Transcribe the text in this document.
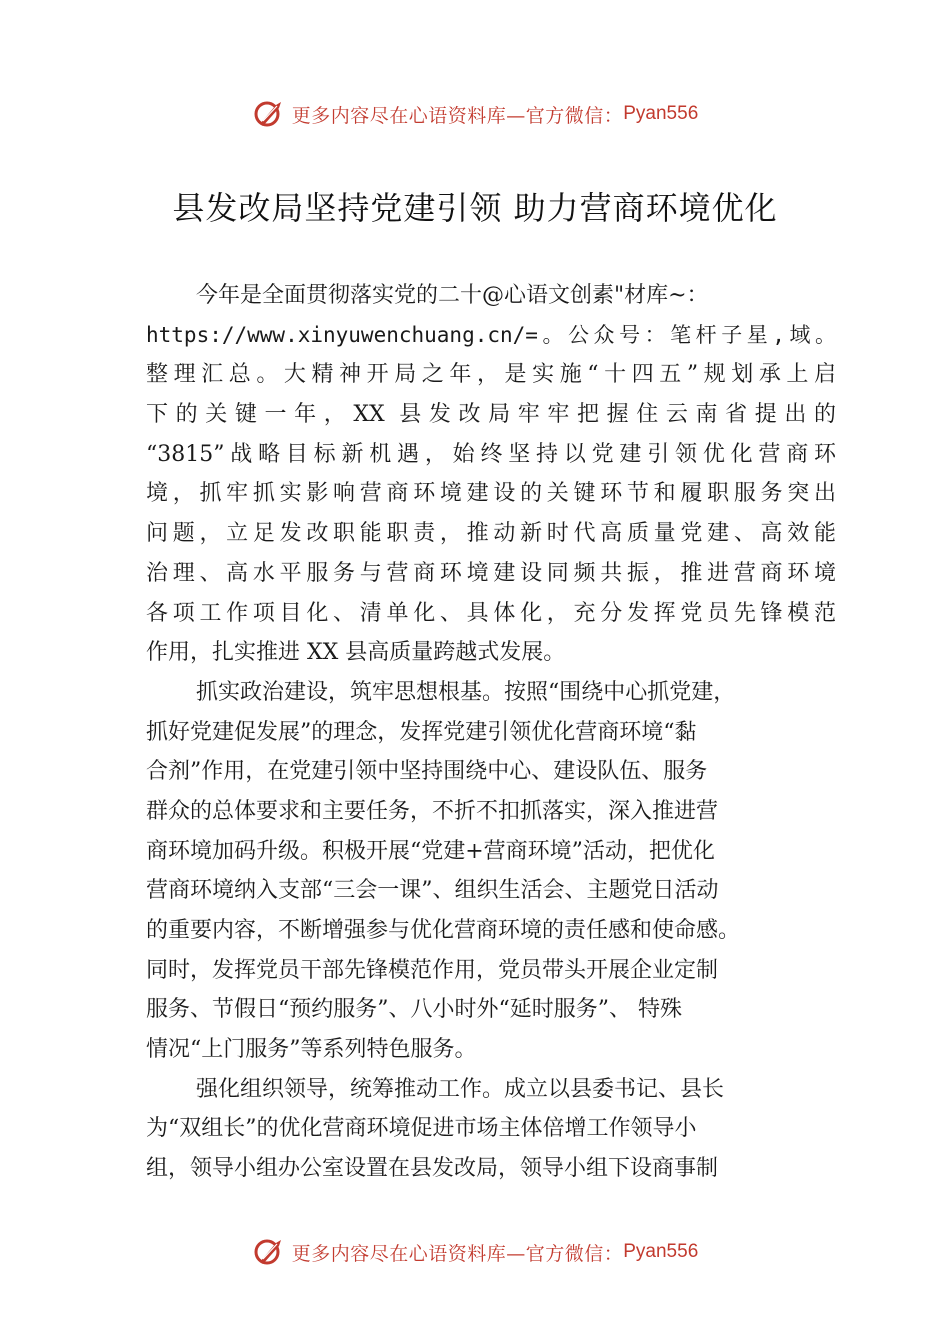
更多内容尽在心语资料库— 官方微信： Pyan556
县发改局坚持党建引领 助力营商环境优化
今年是全面贯彻落实党的二十@心语文创素"材库~：
https://www.xinyuwenchuang.cn/=。公众号：笔杆子星,域。
整理汇总。大精神开局之年，是实施“十四五”规划承上启
下的关键一年，XX 县发改局牢牢把握住云南省提出的
“3815”战略目标新机遇，始终坚持以党建引领优化营商环
境，抓牢抓实影响营商环境建设的关键环节和履职服务突出
问题，立足发改职能职责，推动新时代高质量党建、高效能
治理、高水平服务与营商环境建设同频共振，推进营商环境
各项工作项目化、清单化、具体化，充分发挥党员先锋模范
作用，扎实推进 XX 县高质量跨越式发展。
抓实政治建设，筑牢思想根基。按照“围绕中心抓党建，
抓好党建促发展”的理念，发挥党建引领优化营商环境“黏
合剂”作用，在党建引领中坚持围绕中心、建设队伍、服务
群众的总体要求和主要任务，不折不扣抓落实，深入推进营
商环境加码升级。积极开展“党建+营商环境”活动，把优化
营商环境纳入支部“三会一课”、组织生活会、主题党日活动
的重要内容，不断增强参与优化营商环境的责任感和使命感。
同时，发挥党员干部先锋模范作用，党员带头开展企业定制
服务、节假日“预约服务”、八小时外“延时服务”、 特殊
情况“上门服务”等系列特色服务。
强化组织领导，统筹推动工作。成立以县委书记、县长
为“双组长”的优化营商环境促进市场主体倍增工作领导小
组，领导小组办公室设置在县发改局，领导小组下设商事制
更多内容尽在心语资料库— 官方微信： Pyan556
